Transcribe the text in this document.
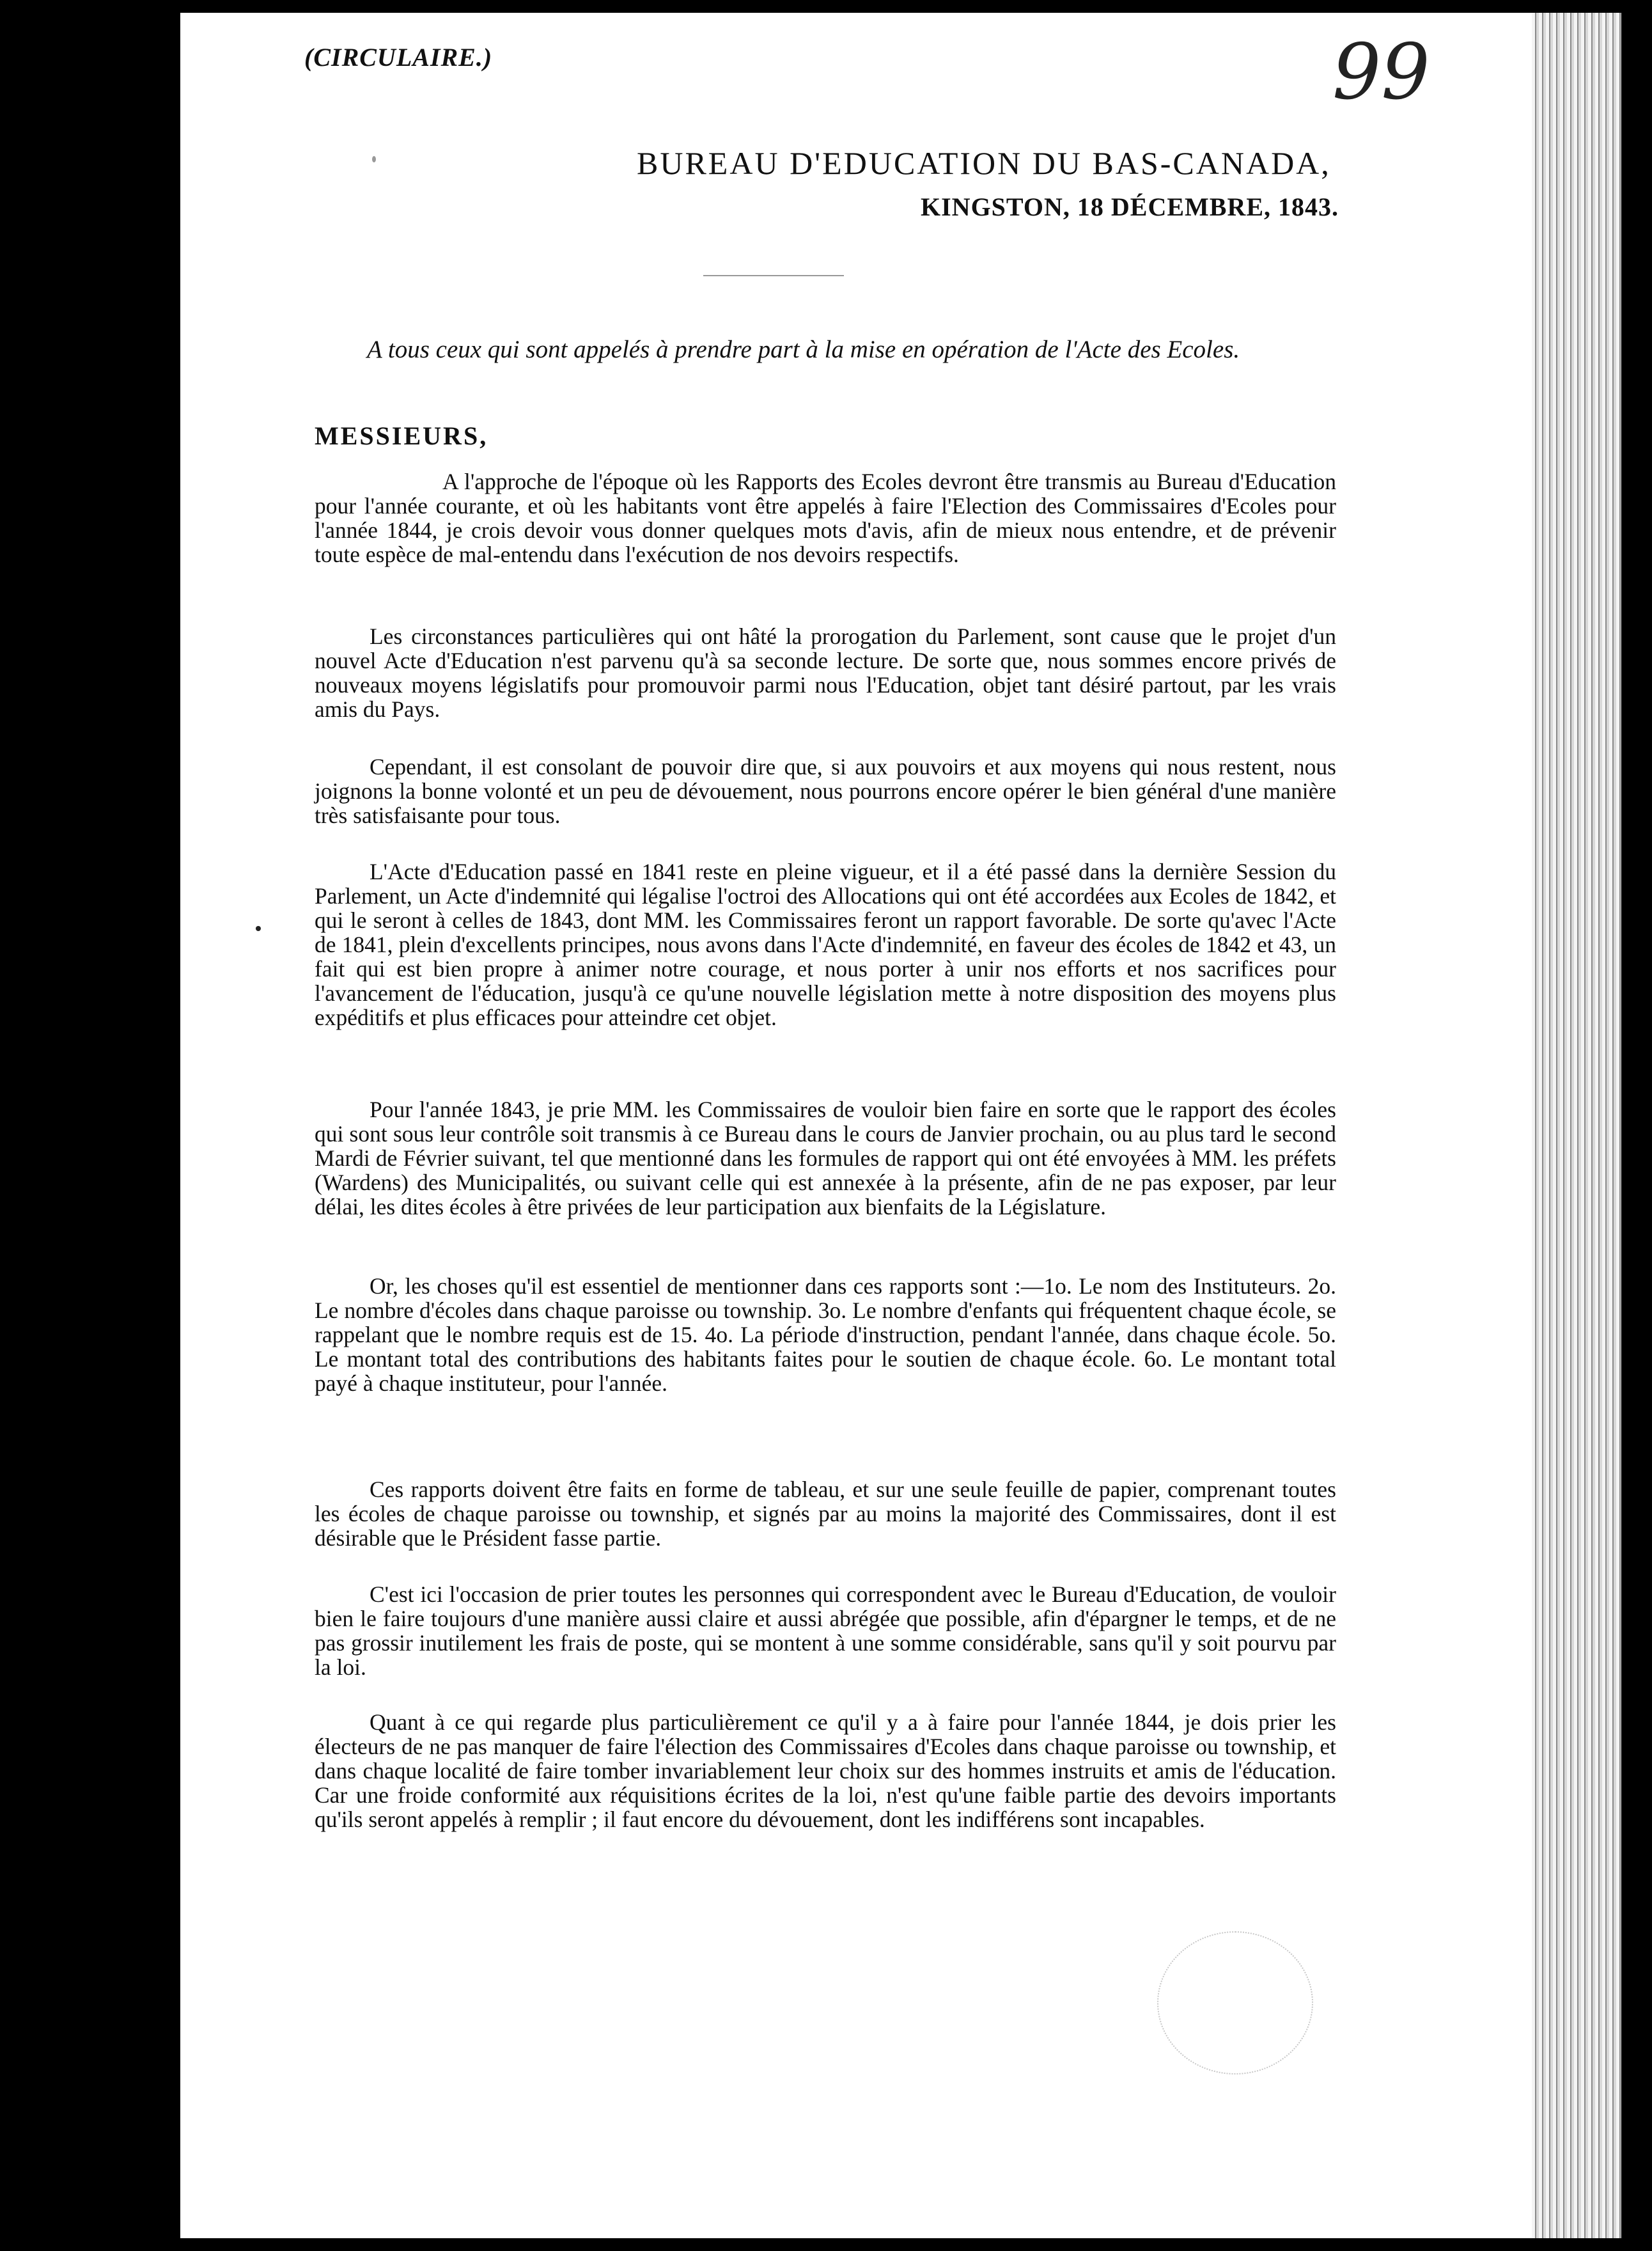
(CIRCULAIRE.)	99
BUREAU D'EDUCATION DU BAS-CANADA,
KINGSTON, 18 DÉCEMBRE, 1843.
A tous ceux qui sont appelés à prendre part à la mise en opération de l'Acte des Ecoles.
MESSIEURS,
A l'approche de l'époque où les Rapports des Ecoles devront être transmis au Bureau d'Education pour l'année courante, et où les habitants vont être appelés à faire l'Election des Commissaires d'Ecoles pour l'année 1844, je crois devoir vous donner quelques mots d'avis, afin de mieux nous entendre, et de prévenir toute espèce de mal-entendu dans l'exécution de nos devoirs respectifs.
Les circonstances particulières qui ont hâté la prorogation du Parlement, sont cause que le projet d'un nouvel Acte d'Education n'est parvenu qu'à sa seconde lecture. De sorte que, nous sommes encore privés de nouveaux moyens législatifs pour promouvoir parmi nous l'Education, objet tant désiré partout, par les vrais amis du Pays.
Cependant, il est consolant de pouvoir dire que, si aux pouvoirs et aux moyens qui nous restent, nous joignons la bonne volonté et un peu de dévouement, nous pourrons encore opérer le bien général d'une manière très satisfaisante pour tous.
L'Acte d'Education passé en 1841 reste en pleine vigueur, et il a été passé dans la dernière Session du Parlement, un Acte d'indemnité qui légalise l'octroi des Allocations qui ont été accordées aux Ecoles de 1842, et qui le seront à celles de 1843, dont MM. les Commissaires feront un rapport favorable. De sorte qu'avec l'Acte de 1841, plein d'excellents principes, nous avons dans l'Acte d'indemnité, en faveur des écoles de 1842 et 43, un fait qui est bien propre à animer notre courage, et nous porter à unir nos efforts et nos sacrifices pour l'avancement de l'éducation, jusqu'à ce qu'une nouvelle législation mette à notre disposition des moyens plus expéditifs et plus efficaces pour atteindre cet objet.
Pour l'année 1843, je prie MM. les Commissaires de vouloir bien faire en sorte que le rapport des écoles qui sont sous leur contrôle soit transmis à ce Bureau dans le cours de Janvier prochain, ou au plus tard le second Mardi de Février suivant, tel que mentionné dans les formules de rapport qui ont été envoyées à MM. les préfets (Wardens) des Municipalités, ou suivant celle qui est annexée à la présente, afin de ne pas exposer, par leur délai, les dites écoles à être privées de leur participation aux bienfaits de la Législature.
Or, les choses qu'il est essentiel de mentionner dans ces rapports sont :—1o. Le nom des Instituteurs. 2o. Le nombre d'écoles dans chaque paroisse ou township. 3o. Le nombre d'enfants qui fréquentent chaque école, se rappelant que le nombre requis est de 15. 4o. La période d'instruction, pendant l'année, dans chaque école. 5o. Le montant total des contributions des habitants faites pour le soutien de chaque école. 6o. Le montant total payé à chaque instituteur, pour l'année.
Ces rapports doivent être faits en forme de tableau, et sur une seule feuille de papier, comprenant toutes les écoles de chaque paroisse ou township, et signés par au moins la majorité des Commissaires, dont il est désirable que le Président fasse partie.
C'est ici l'occasion de prier toutes les personnes qui correspondent avec le Bureau d'Education, de vouloir bien le faire toujours d'une manière aussi claire et aussi abrégée que possible, afin d'épargner le temps, et de ne pas grossir inutilement les frais de poste, qui se montent à une somme considérable, sans qu'il y soit pourvu par la loi.
Quant à ce qui regarde plus particulièrement ce qu'il y a à faire pour l'année 1844, je dois prier les électeurs de ne pas manquer de faire l'élection des Commissaires d'Ecoles dans chaque paroisse ou township, et dans chaque localité de faire tomber invariablement leur choix sur des hommes instruits et amis de l'éducation. Car une froide conformité aux réquisitions écrites de la loi, n'est qu'une faible partie des devoirs importants qu'ils seront appelés à remplir ; il faut encore du dévouement, dont les indifférens sont incapables.
